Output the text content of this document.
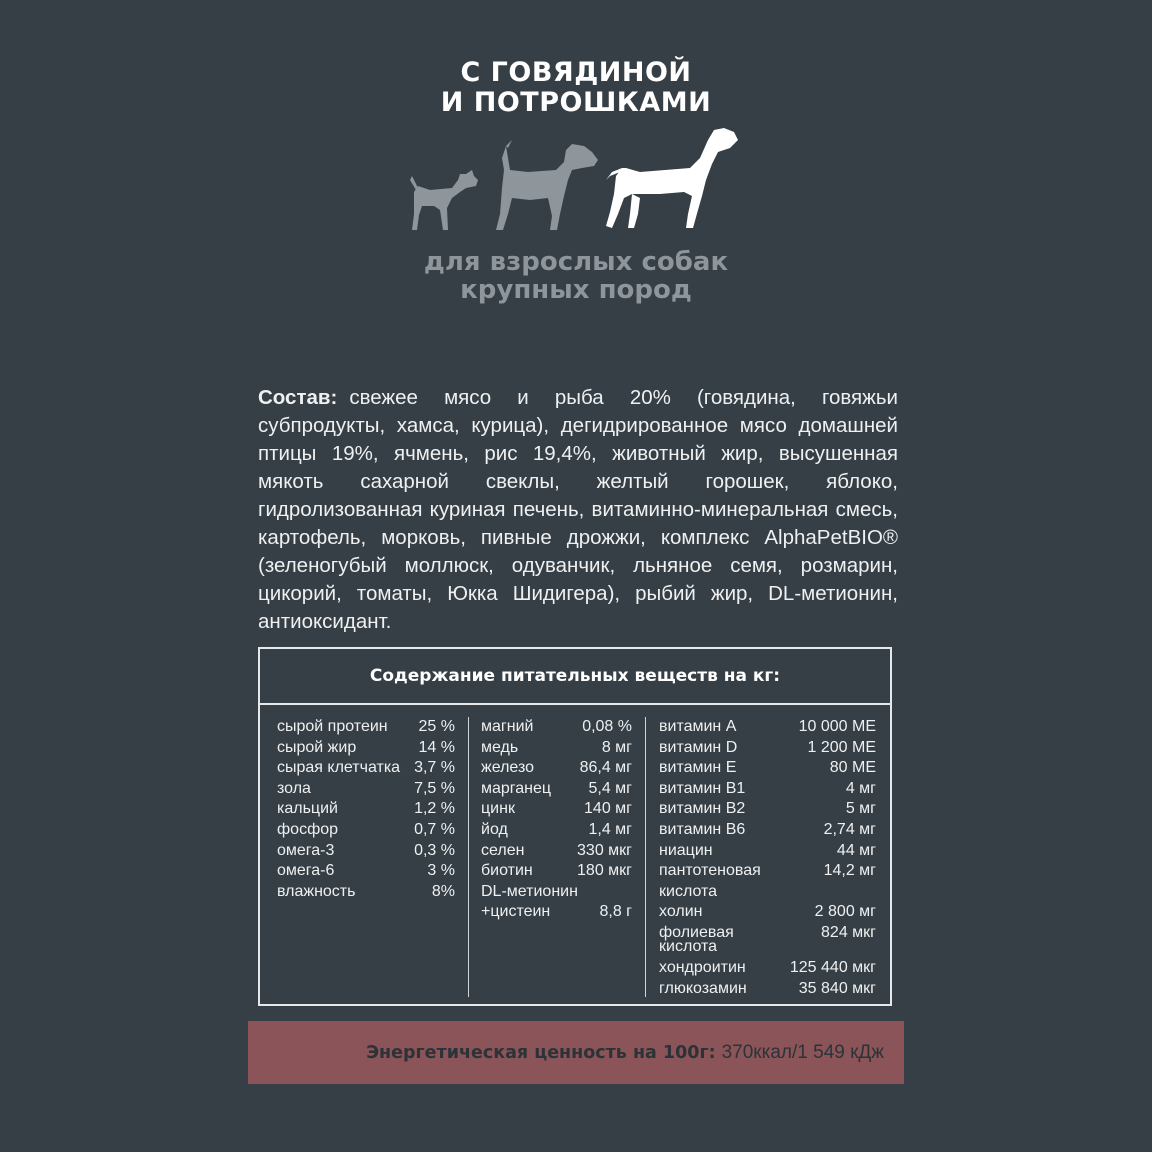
С ГОВЯДИНОЙ
И ПОТРОШКАМИ
для взрослых собак
крупных пород
Состав: свежее мясо и рыба 20% (говядина, говяжьи субпродукты, хамса, курица), дегидрированное мясо домашней птицы 19%, ячмень, рис 19,4%, животный жир, высушенная мякоть сахарной свеклы, желтый горошек, яблоко, гидролизованная куриная печень, витаминно-минеральная смесь, картофель, морковь, пивные дрожжи, комплекс AlphaPetBIO® (зеленогубый моллюск, одуванчик, льняное семя, розмарин, цикорий, томаты, Юкка Шидигера), рыбий жир, DL-метионин, антиоксидант.
Содержание питательных веществ на кг:
сырой протеин 25 %
сырой жир	14 %
сырая клетчатка 3,7 %
зола	7,5 %
кальций	1,2 %
фосфор	0,7 %
омега-3	0,3 %
омега-6	3 %
влажность	8%
магний	0,08 %
медь	8 мг
железо	86,4 мг
марганец 5,4 мг
цинк	140 мг
йод	1,4 мг
селен	330 мкг
биотин	180 мкг
DL-метионин
+цистеин	8,8 г
витамин А	10 000 МЕ
витамин D	1 200 МЕ
витамин Е	80 МЕ
витамин В1	4 мг
витамин В2	5 мг
витамин В6	2,74 мг
ниацин	44 мг
пантотеновая	14,2 мг
кислота
холин	2 800 мг
фолиевая кислота
824 мкг
хондроитин	125 440 мкг
глюкозамин	35 840 мкг
Энергетическая ценность на 100г: 370ккал/1 549 кДж
